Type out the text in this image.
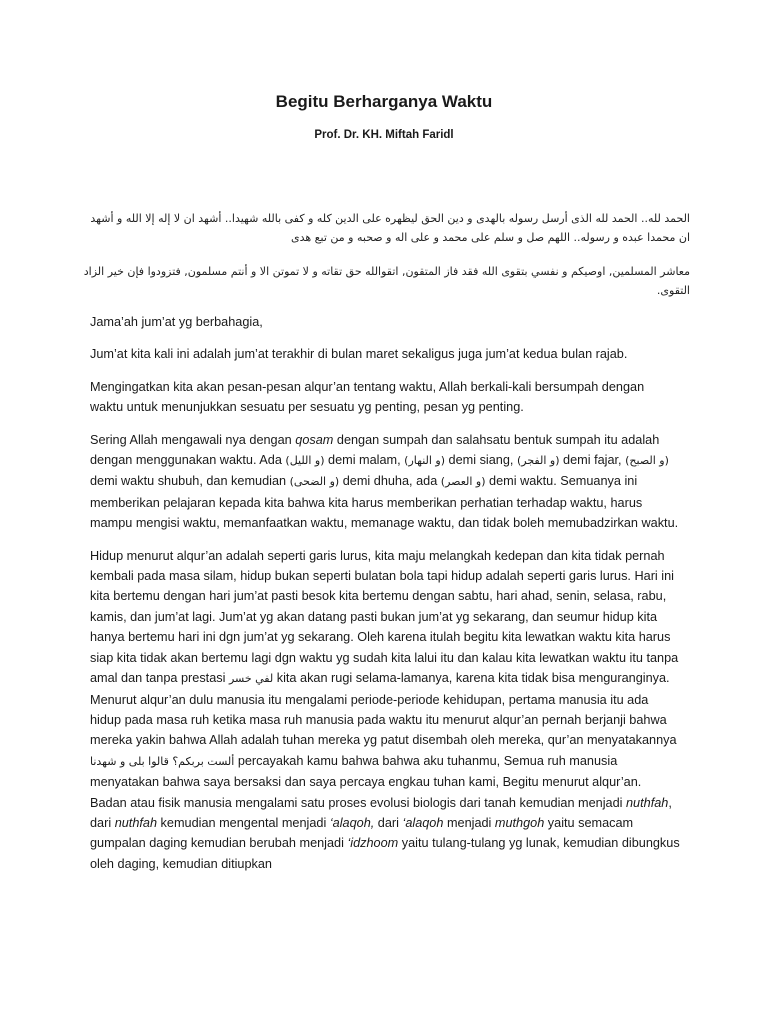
Begitu Berharganya Waktu
Prof. Dr. KH. Miftah Faridl

الحمد لله.. الحمد لله الذى أرسل رسوله بالهدى و دين الحق ليظهره على الدين كله و كفى بالله شهيدا.. أشهد ان لا إله إلا الله و أشهد ان محمدا عبده و رسوله.. اللهم صل و سلم على محمد و على اله و صحبه و من تبع هدى

معاشر المسلمين, اوصيكم و نفسي بتقوى الله فقد فاز المتقون, اتقوالله حق تقاته و لا تموتن الا و أنتم مسلمون, فتزودوا فإن خير الزاد التقوى.

Jama’ah jum’at yg berbahagia,

Jum’at kita kali ini adalah jum’at terakhir di bulan maret sekaligus juga jum’at kedua bulan rajab.

Mengingatkan kita akan pesan-pesan alqur’an tentang waktu, Allah berkali-kali bersumpah dengan waktu untuk menunjukkan sesuatu per sesuatu yg penting, pesan yg penting.

Sering Allah mengawali nya dengan qosam dengan sumpah dan salahsatu bentuk sumpah itu adalah dengan menggunakan waktu. Ada (و الليل) demi malam, (و النهار) demi siang, (و الفجر) demi fajar, (و الصبح) demi waktu shubuh, dan kemudian (و الضحى) demi dhuha, ada (و العصر) demi waktu. Semuanya ini memberikan pelajaran kepada kita bahwa kita harus memberikan perhatian terhadap waktu, harus mampu mengisi waktu, memanfaatkan waktu, memanage waktu, dan tidak boleh memubadzirkan waktu.

Hidup menurut alqur’an adalah seperti garis lurus, kita maju melangkah kedepan dan kita tidak pernah kembali pada masa silam, hidup bukan seperti bulatan bola tapi hidup adalah seperti garis lurus. Hari ini kita bertemu dengan hari jum’at pasti besok kita bertemu dengan sabtu, hari ahad, senin, selasa, rabu, kamis, dan jum’at lagi. Jum’at yg akan datang pasti bukan jum’at yg sekarang, dan seumur hidup kita hanya bertemu hari ini dgn jum’at yg sekarang. Oleh karena itulah begitu kita lewatkan waktu kita harus siap kita tidak akan bertemu lagi dgn waktu yg sudah kita lalui itu dan kalau kita lewatkan waktu itu tanpa amal dan tanpa prestasi لفي خسر kita akan rugi selama-lamanya, karena kita tidak bisa menguranginya. Menurut alqur’an dulu manusia itu mengalami periode-periode kehidupan, pertama manusia itu ada hidup pada masa ruh ketika masa ruh manusia pada waktu itu menurut alqur’an pernah berjanji bahwa mereka yakin bahwa Allah adalah tuhan mereka yg patut disembah oleh mereka, qur’an menyatakannya ألست بربكم؟ قالوا بلى و شهدنا percayakah kamu bahwa bahwa aku tuhanmu, Semua ruh manusia menyatakan bahwa saya bersaksi dan saya percaya engkau tuhan kami, Begitu menurut alqur’an. Badan atau fisik manusia mengalami satu proses evolusi biologis dari tanah kemudian menjadi nuthfah, dari nuthfah kemudian mengental menjadi ‘alaqoh, dari ‘alaqoh menjadi muthgoh yaitu semacam gumpalan daging kemudian berubah menjadi ‘idzhoom yaitu tulang-tulang yg lunak, kemudian dibungkus oleh daging, kemudian ditiupkan
